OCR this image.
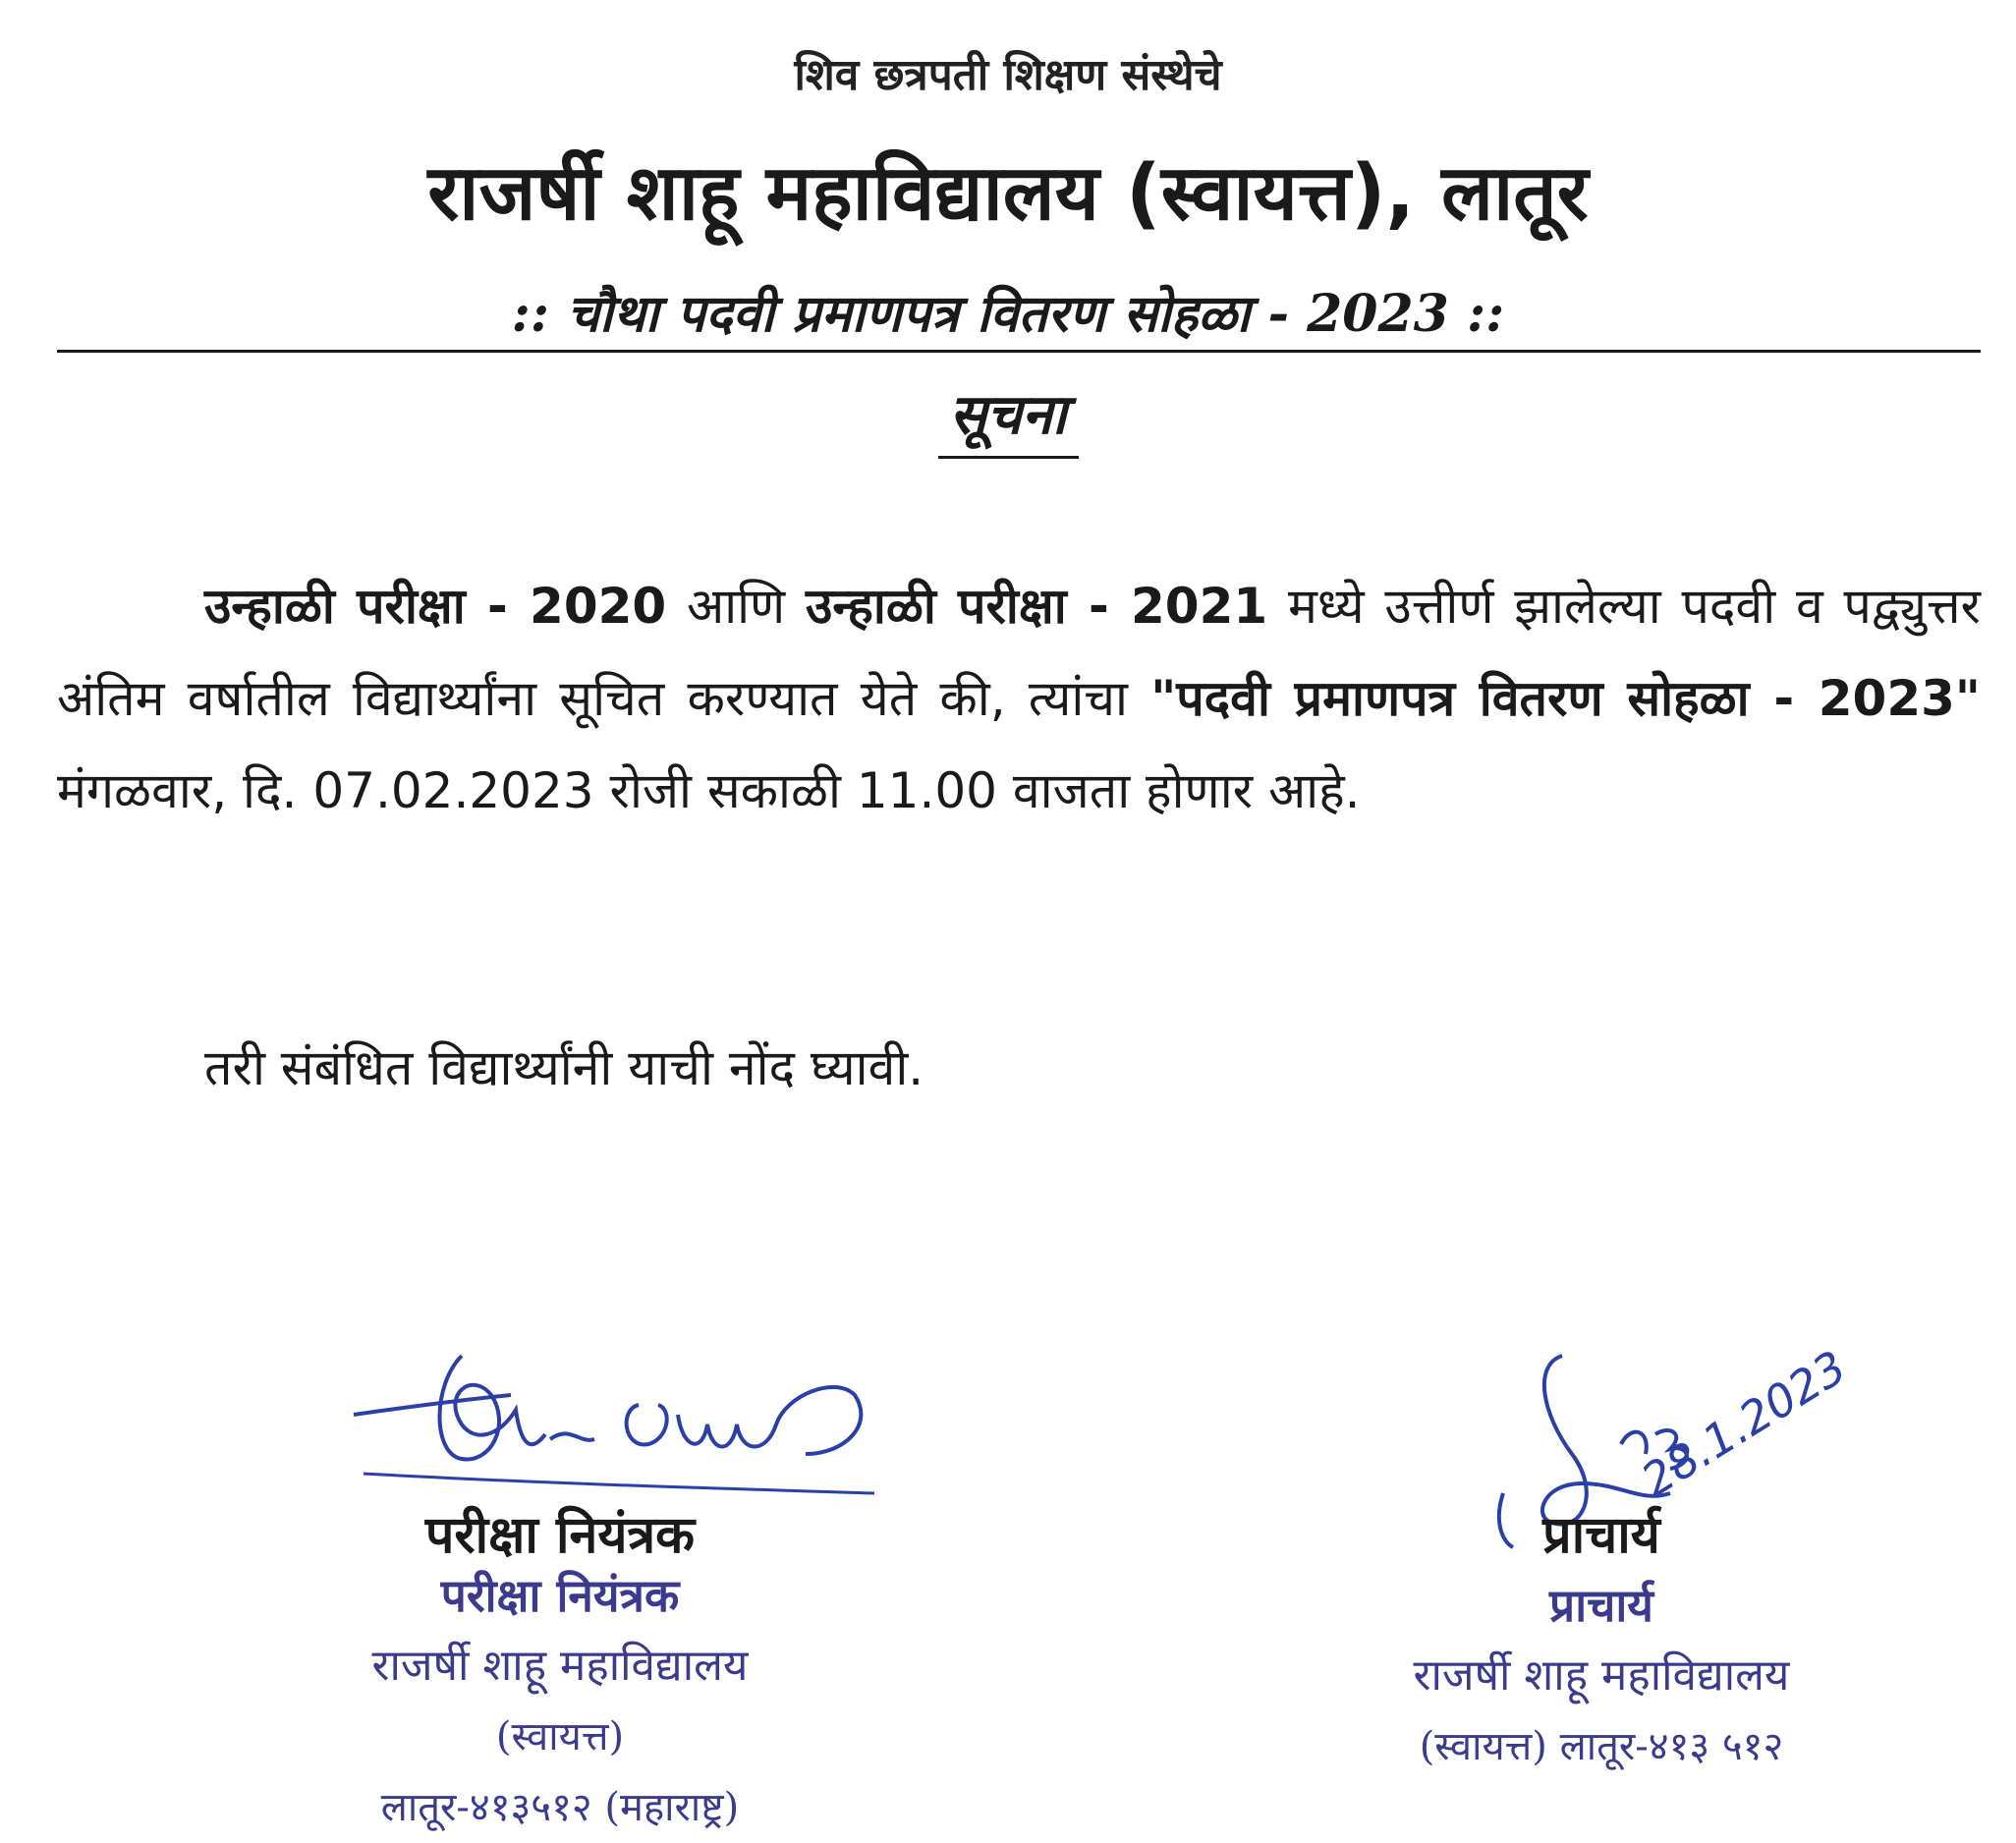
शिव छत्रपती शिक्षण संस्थेचे
राजर्षी शाहू महाविद्यालय (स्वायत्त), लातूर
:: चौथा पदवी प्रमाणपत्र वितरण सोहळा - 2023 ::
सूचना

उन्हाळी परीक्षा - 2020 आणि उन्हाळी परीक्षा - 2021 मध्ये उत्तीर्ण झालेल्या पदवी व पद्व्युत्तर अंतिम वर्षातील विद्यार्थ्यांना सूचित करण्यात येते की, त्यांचा "पदवी प्रमाणपत्र वितरण सोहळा - 2023" मंगळवार, दि. 07.02.2023 रोजी सकाळी 11.00 वाजता होणार आहे.

तरी संबंधित विद्यार्थ्यांनी याची नोंद घ्यावी.
परीक्षा नियंत्रक
परीक्षा नियंत्रक
राजर्षी शाहू महाविद्यालय
(स्वायत्त)
लातूर-४१३५१२ (महाराष्ट्र)
28.1.2023
प्राचार्य
प्राचार्य
राजर्षी शाहू महाविद्यालय
(स्वायत्त) लातूर-४१३ ५१२
